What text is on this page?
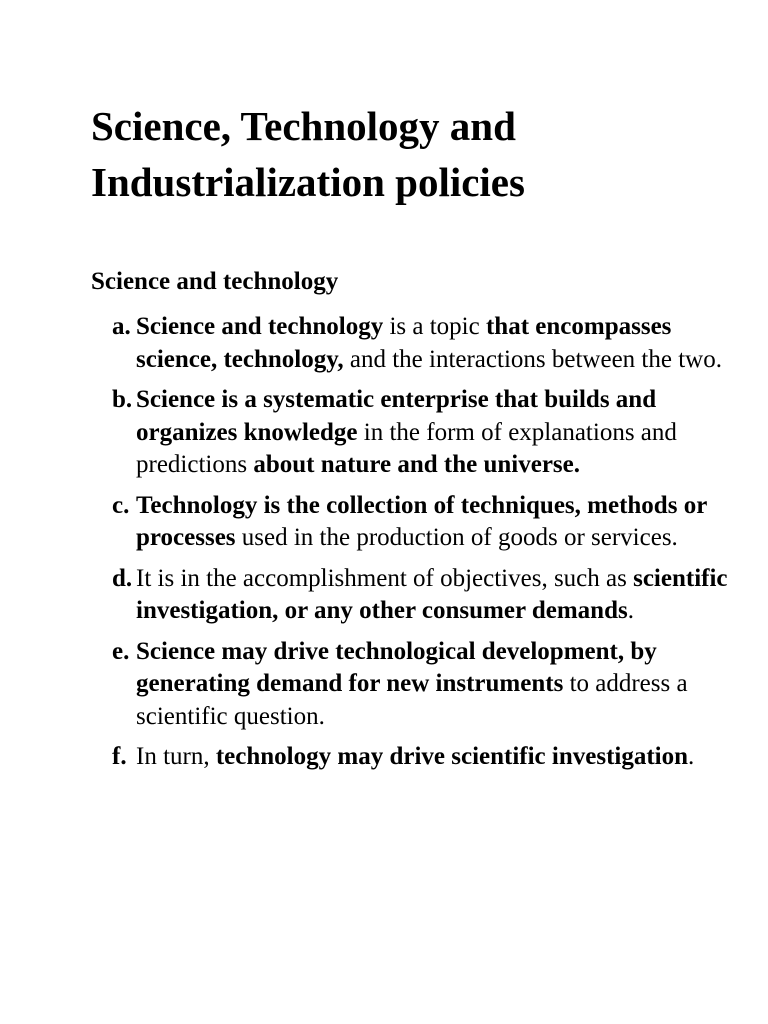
Science, Technology and
Industrialization policies
Science and technology
a. Science and technology is a topic that encompasses science, technology, and the interactions between the two.
b. Science is a systematic enterprise that builds and organizes knowledge in the form of explanations and predictions about nature and the universe.
c. Technology is the collection of techniques, methods or processes used in the production of goods or services.
d. It is in the accomplishment of objectives, such as scientific investigation, or any other consumer demands.
e. Science may drive technological development, by generating demand for new instruments to address a scientific question.
f. In turn, technology may drive scientific investigation.
